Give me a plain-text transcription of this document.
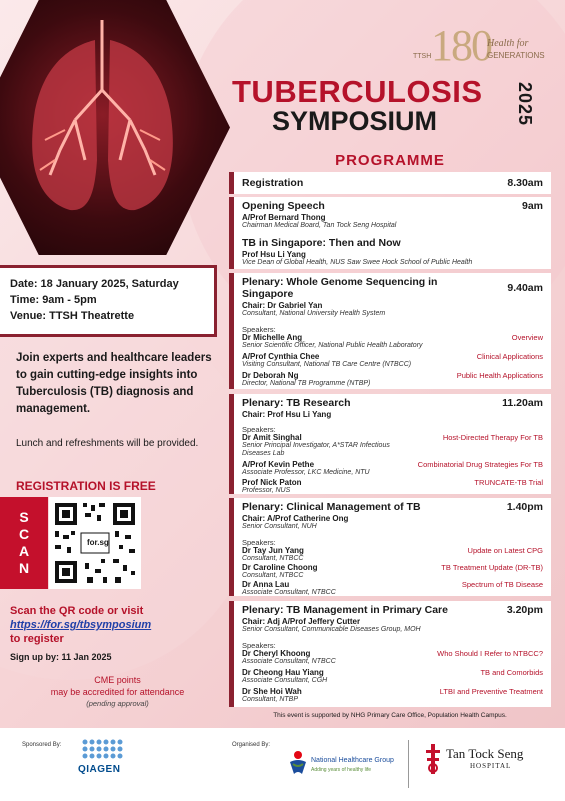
TTSH 180
Health for
GENERATIONS
TUBERCULOSIS
SYMPOSIUM	2025
Date: 18 January 2025, Saturday
Time: 9am - 5pm
Venue: TTSH Theatrette
Join experts and healthcare leaders to gain cutting-edge insights into Tuberculosis (TB) diagnosis and management.
Lunch and refreshments will be provided.
REGISTRATION IS FREE
S
C
A
N
for.sg
Scan the QR code or visit
https://for.sg/tbsymposium
to register
Sign up by: 11 Jan 2025
CME points
may be accredited for attendance
(pending approval)
PROGRAMME
Registration	8.30am
Opening Speech	9am
A/Prof Bernard Thong
Chairman Medical Board, Tan Tock Seng Hospital
TB in Singapore: Then and Now
Prof Hsu Li Yang
Vice Dean of Global Health, NUS Saw Swee Hock School of Public Health
Plenary: Whole Genome Sequencing in
Singapore	9.40am
Chair: Dr Gabriel Yan
Consultant, National University Health System
Speakers:
Dr Michelle Ang
Senior Scientific Officer, National Public Health Laboratory
Overview
A/Prof Cynthia Chee
Visiting Consultant, National TB Care Centre (NTBCC)
Clinical Applications
Dr Deborah Ng
Director, National TB Programme (NTBP)
Public Health Applications
Plenary: TB Research	11.20am
Chair: Prof Hsu Li Yang
Speakers:
Dr Amit Singhal
Senior Principal Investigator, A*STAR Infectious
Diseases Lab
Host-Directed Therapy For TB
A/Prof Kevin Pethe
Associate Professor, LKC Medicine, NTU
Combinatorial Drug Strategies For TB
Prof Nick Paton
Professor, NUS
TRUNCATE-TB Trial
Plenary: Clinical Management of TB	1.40pm
Chair: A/Prof Catherine Ong
Senior Consultant, NUH
Speakers:
Dr Tay Jun Yang
Consultant, NTBCC
Update on Latest CPG
Dr Caroline Choong
Consultant, NTBCC
TB Treatment Update (DR-TB)
Dr Anna Lau
Associate Consultant, NTBCC
Spectrum of TB Disease
Plenary: TB Management in Primary Care	3.20pm
Chair: Adj A/Prof Jeffery Cutter
Senior Consultant, Communicable Diseases Group, MOH
Speakers:
Dr Cheryl Khoong
Associate Consultant, NTBCC
Who Should I Refer to NTBCC?
Dr Cheong Hau Yiang
Associate Consultant, CGH
TB and Comorbids
Dr She Hoi Wah
Consultant, NTBP
LTBI and Preventive Treatment
This event is supported by NHG Primary Care Office, Population Health Campus.
Sponsored By:
QIAGEN
Organised By:
National Healthcare Group
Adding years of healthy life
Tan Tock Seng
HOSPITAL
